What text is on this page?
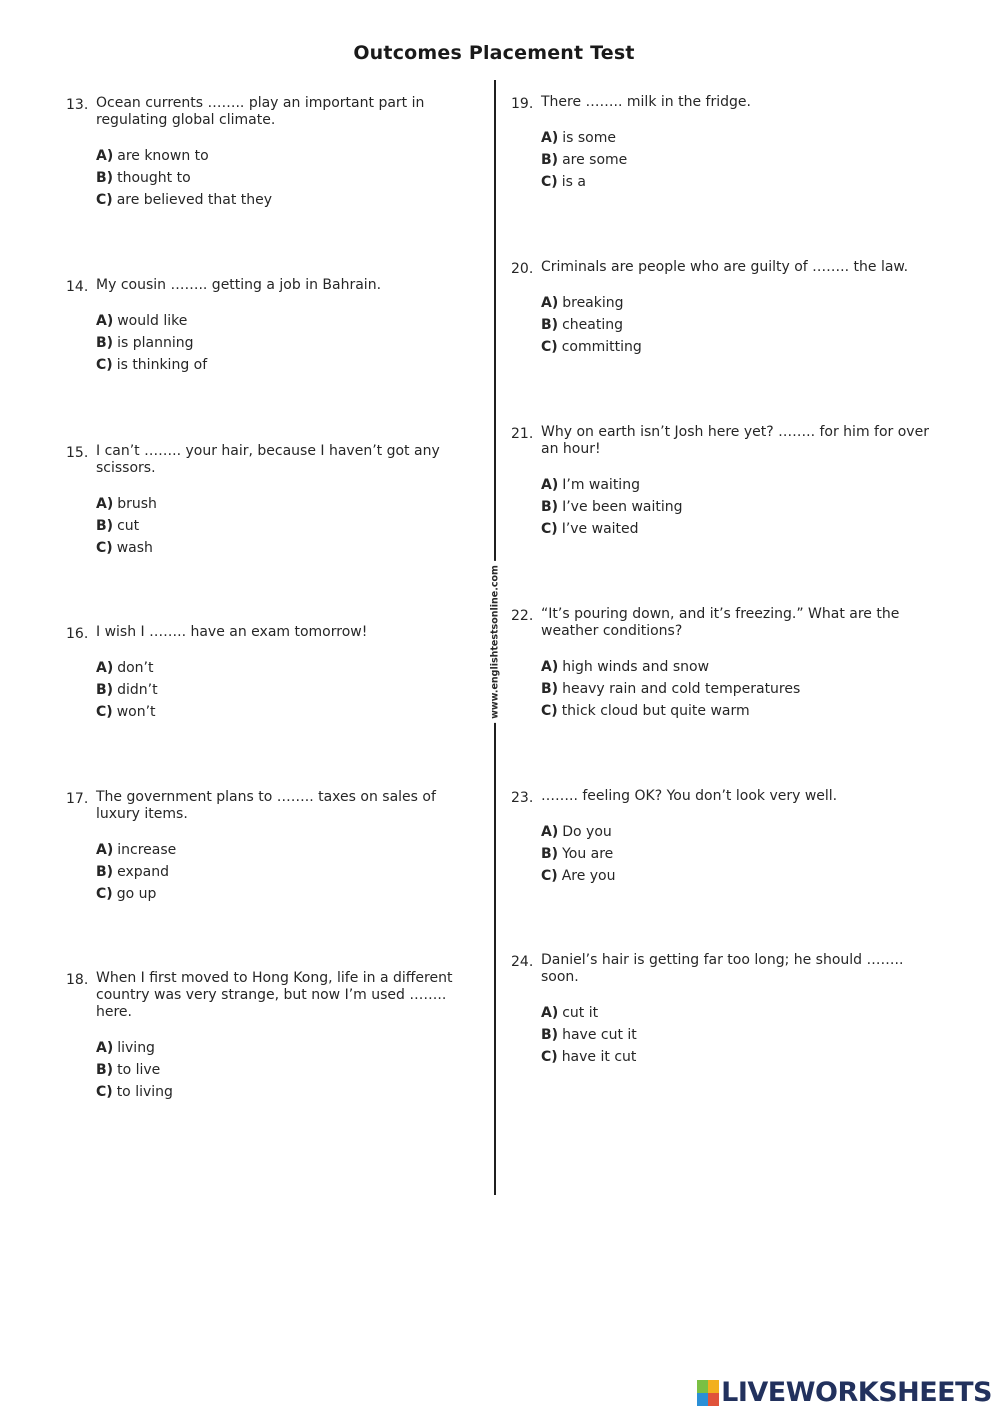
Outcomes Placement Test
www.englishtestsonline.com
13. Ocean currents …….. play an important part in regulating global climate.
A) are known to
B) thought to
C) are believed that they
14. My cousin …….. getting a job in Bahrain.
A) would like
B) is planning
C) is thinking of
15. I can’t …….. your hair, because I haven’t got any scissors.
A) brush
B) cut
C) wash
16. I wish I …….. have an exam tomorrow!
A) don’t
B) didn’t
C) won’t
17. The government plans to …….. taxes on sales of luxury items.
A) increase
B) expand
C) go up
18. When I first moved to Hong Kong, life in a different country was very strange, but now I’m used …….. here.
A) living
B) to live
C) to living
19. There …….. milk in the fridge.
A) is some
B) are some
C) is a
20. Criminals are people who are guilty of …….. the law.
A) breaking
B) cheating
C) committing
21. Why on earth isn’t Josh here yet? …….. for him for over an hour!
A) I’m waiting
B) I’ve been waiting
C) I’ve waited
22. “It’s pouring down, and it’s freezing.” What are the weather conditions?
A) high winds and snow
B) heavy rain and cold temperatures
C) thick cloud but quite warm
23. …….. feeling OK? You don’t look very well.
A) Do you
B) You are
C) Are you
24. Daniel’s hair is getting far too long; he should …….. soon.
A) cut it
B) have cut it
C) have it cut
LIVEWORKSHEETS
